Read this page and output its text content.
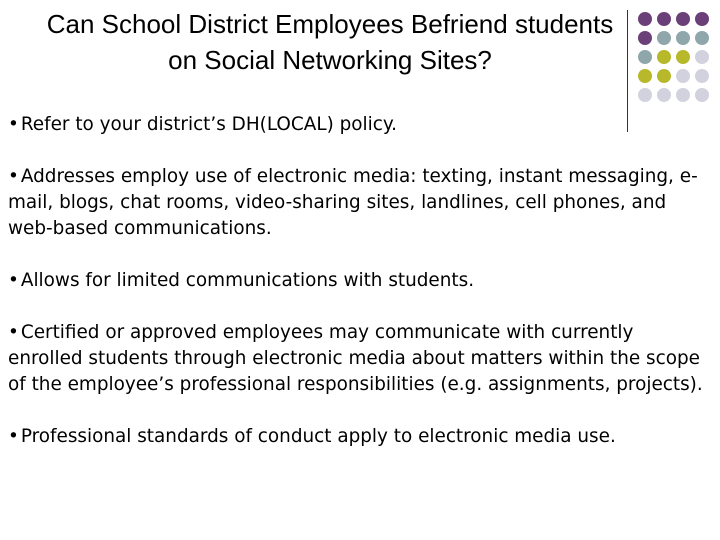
Can School District Employees Befriend students on Social Networking Sites?

• Refer to your district’s DH(LOCAL) policy.

• Addresses employ use of electronic media: texting, instant messaging, e-mail, blogs, chat rooms, video-sharing sites, landlines, cell phones, and web-based communications.

• Allows for limited communications with students.

• Certified or approved employees may communicate with currently enrolled students through electronic media about matters within the scope of the employee’s professional responsibilities (e.g. assignments, projects).

• Professional standards of conduct apply to electronic media use.
